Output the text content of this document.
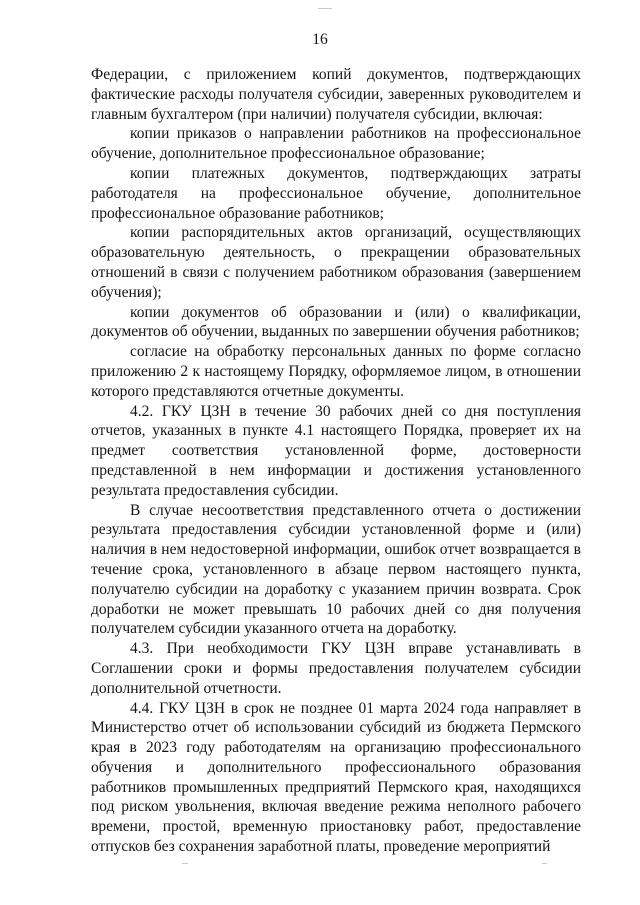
16

Федерации, с приложением копий документов, подтверждающих фактические расходы получателя субсидии, заверенных руководителем и главным бухгалтером (при наличии) получателя субсидии, включая:

копии приказов о направлении работников на профессиональное обучение, дополнительное профессиональное образование;

копии платежных документов, подтверждающих затраты работодателя на профессиональное обучение, дополнительное профессиональное образование работников;

копии распорядительных актов организаций, осуществляющих образовательную деятельность, о прекращении образовательных отношений в связи с получением работником образования (завершением обучения);

копии документов об образовании и (или) о квалификации, документов об обучении, выданных по завершении обучения работников;

согласие на обработку персональных данных по форме согласно приложению 2 к настоящему Порядку, оформляемое лицом, в отношении которого представляются отчетные документы.

4.2. ГКУ ЦЗН в течение 30 рабочих дней со дня поступления отчетов, указанных в пункте 4.1 настоящего Порядка, проверяет их на предмет соответствия установленной форме, достоверности представленной в нем информации и достижения установленного результата предоставления субсидии.

В случае несоответствия представленного отчета о достижении результата предоставления субсидии установленной форме и (или) наличия в нем недостоверной информации, ошибок отчет возвращается в течение срока, установленного в абзаце первом настоящего пункта, получателю субсидии на доработку с указанием причин возврата. Срок доработки не может превышать 10 рабочих дней со дня получения получателем субсидии указанного отчета на доработку.

4.3. При необходимости ГКУ ЦЗН вправе устанавливать в Соглашении сроки и формы предоставления получателем субсидии дополнительной отчетности.

4.4. ГКУ ЦЗН в срок не позднее 01 марта 2024 года направляет в Министерство отчет об использовании субсидий из бюджета Пермского края в 2023 году работодателям на организацию профессионального обучения и дополнительного профессионального образования работников промышленных предприятий Пермского края, находящихся под риском увольнения, включая введение режима неполного рабочего времени, простой, временную приостановку работ, предоставление отпусков без сохранения заработной платы, проведение мероприятий
